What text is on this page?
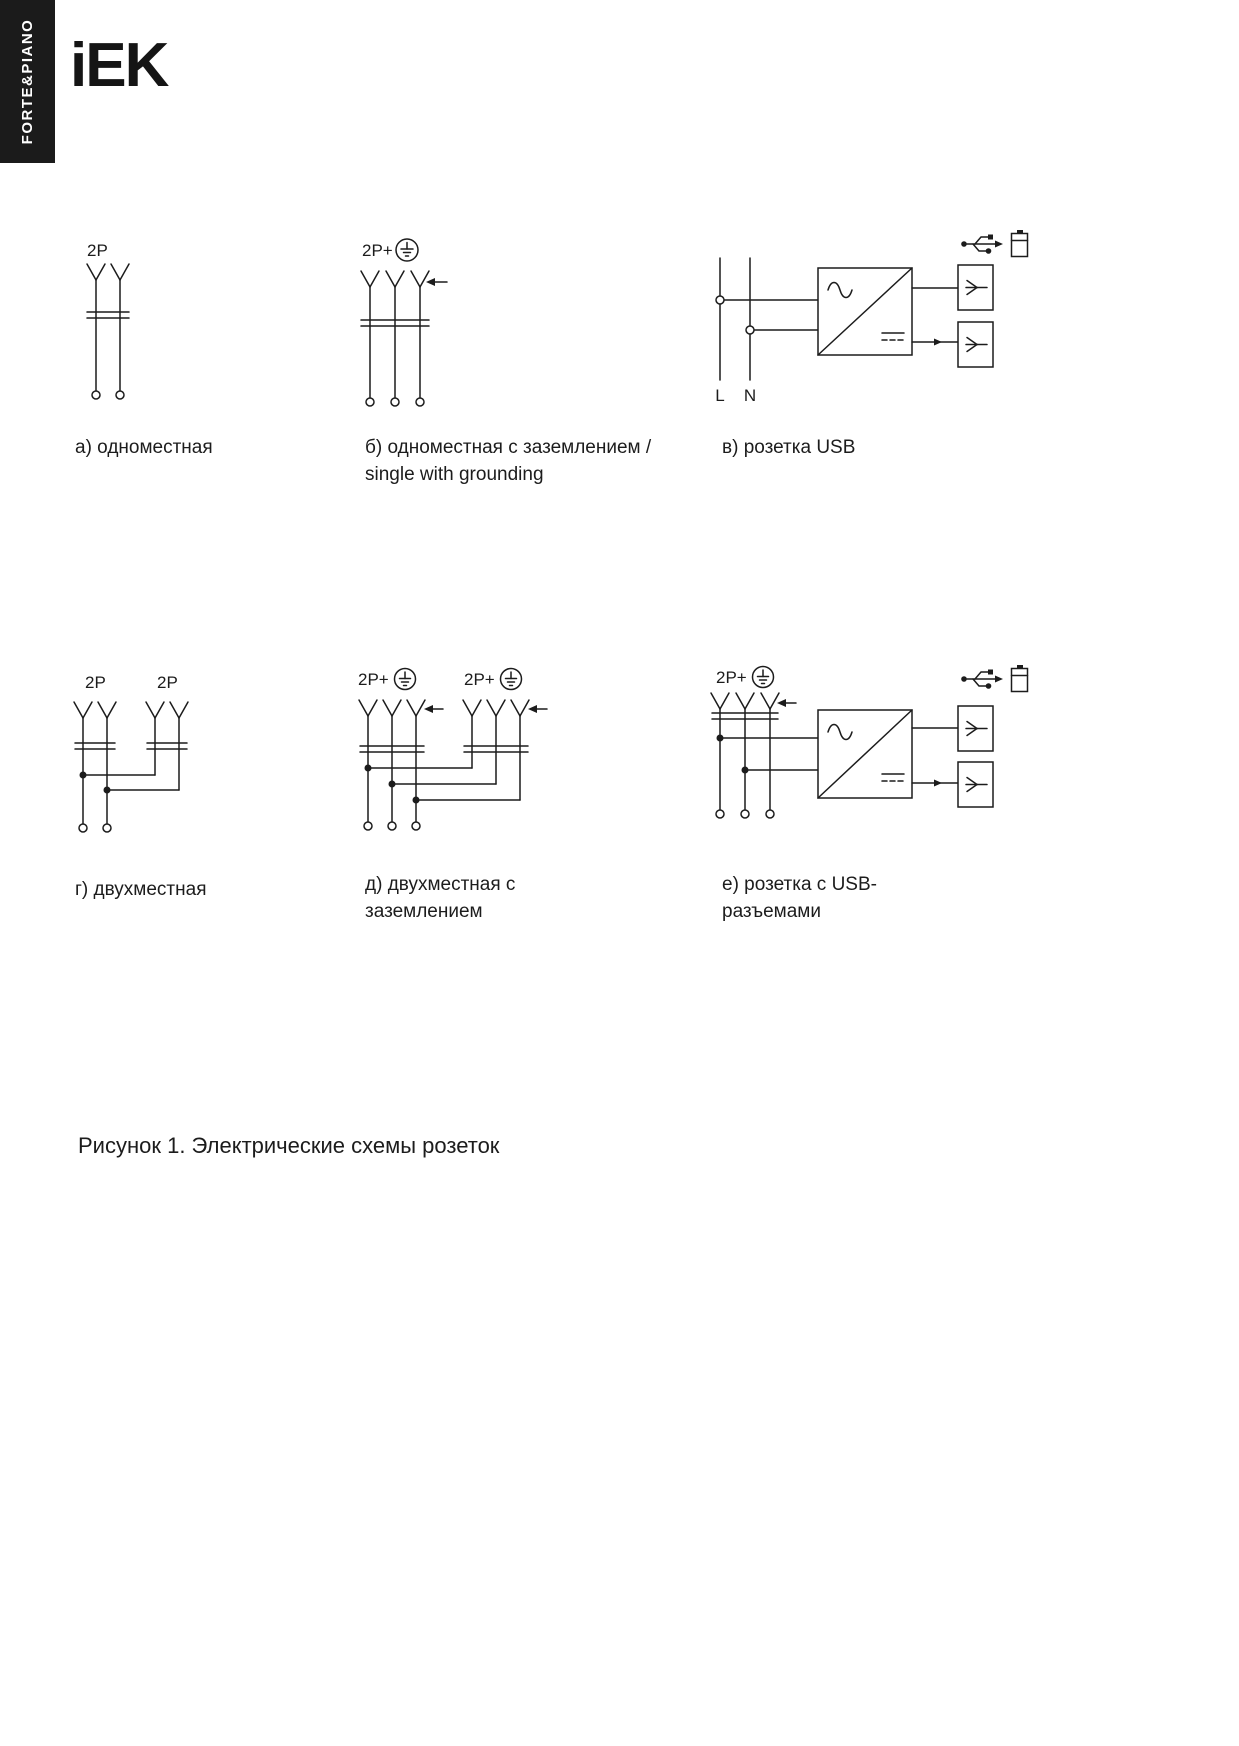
FORTE&PIANO iEK
2P	2P+
L N
2P	2P	2P+	2P+	2P+
а) одноместная	б) одноместная с заземлением /
single with grounding
в) розетка USB
г) двухместная	д) двухместная с
заземлением
е) розетка с USB-
разъемами
Рисунок 1. Электрические схемы розеток
